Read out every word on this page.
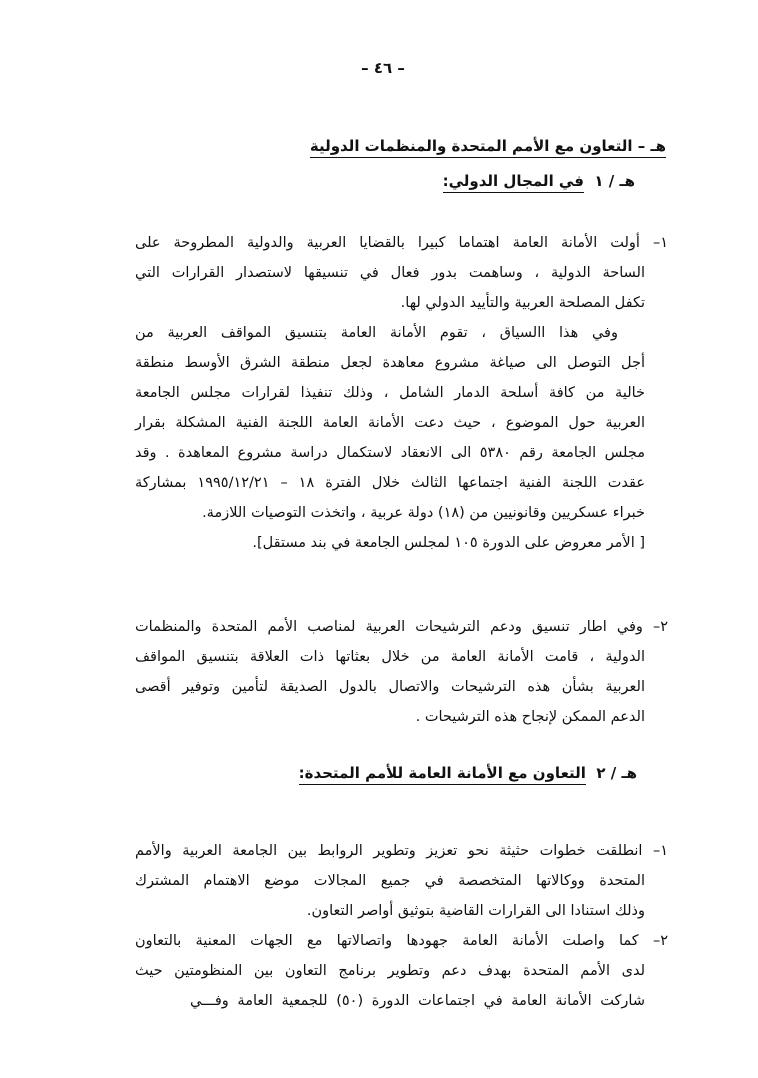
– ٤٦ –
هـ – التعاون مع الأمم المتحدة والمنظمات الدولية
هـ / ١  في المجال الدولي:
١– أولت الأمانة العامة اهتماما كبيرا بالقضايا العربية والدولية المطروحة على
الساحة الدولية ، وساهمت بدور فعال في تنسيقها لاستصدار القرارات التي
تكفل المصلحة العربية والتأييد الدولي لها.
وفي هذا االسياق ، تقوم الأمانة العامة بتنسيق المواقف العربية من
أجل التوصل الى صياغة مشروع معاهدة لجعل منطقة الشرق الأوسط منطقة
خالية من كافة أسلحة الدمار الشامل ، وذلك تنفيذا لقرارات مجلس الجامعة
العربية حول الموضوع ، حيث دعت الأمانة العامة اللجنة الفنية المشكلة بقرار
مجلس الجامعة رقم ٥٣٨٠ الى الانعقاد لاستكمال دراسة مشروع المعاهدة . وقد
عقدت اللجنة الفنية اجتماعها الثالث خلال الفترة ١٨ – ١٩٩٥/١٢/٢١ بمشاركة
خبراء عسكريين وقانونيين من (١٨) دولة عربية ، واتخذت التوصيات اللازمة.
[ الأمر معروض على الدورة ١٠٥ لمجلس الجامعة في بند مستقل].
٢– وفي اطار تنسيق ودعم الترشيحات العربية لمناصب الأمم المتحدة والمنظمات
الدولية ، قامت الأمانة العامة من خلال بعثاتها ذات العلاقة بتنسيق المواقف
العربية بشأن هذه الترشيحات والاتصال بالدول الصديقة لتأمين وتوفير أقصى
الدعم الممكن لإنجاح هذه الترشيحات .
هـ / ٢  التعاون مع الأمانة العامة للأمم المتحدة:
١– انطلقت خطوات حثيثة نحو تعزيز وتطوير الروابط بين الجامعة العربية والأمم
المتحدة ووكالاتها المتخصصة في جميع المجالات موضع الاهتمام المشترك
وذلك استنادا الى القرارات القاضية بتوثيق أواصر التعاون.
٢– كما واصلت الأمانة العامة جهودها واتصالاتها مع الجهات المعنية بالتعاون
لدى الأمم المتحدة بهدف دعم وتطوير برنامج التعاون بين المنظومتين حيث
شاركت الأمانة العامة في اجتماعات الدورة (٥٠) للجمعية العامة وفـــي
